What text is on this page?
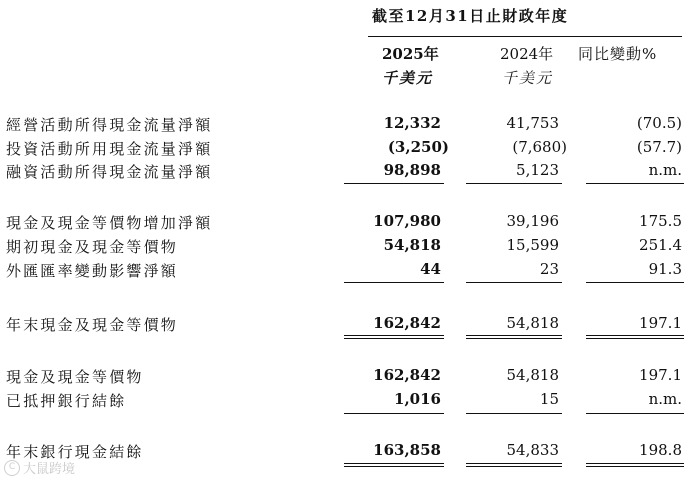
截至12月31日止財政年度
2025年	2024年 同比變動%
千美元	千美元
經營活動所得現金流量淨額	12,332	41,753	(70.5)
投資活動所用現金流量淨額	(3,250)	(7,680)	(57.7)
融資活動所得現金流量淨額	98,898	5,123	n.m.
現金及現金等價物增加淨額	107,980	39,196	175.5
期初現金及現金等價物	54,818	15,599	251.4
外匯匯率變動影響淨額	44	23	91.3
年末現金及現金等價物	162,842	54,818	197.1
現金及現金等價物	162,842	54,818	197.1
已抵押銀行結餘	1,016	15	n.m.
年末銀行現金結餘	163,858	54,833	198.8
C 大鼠跨境
